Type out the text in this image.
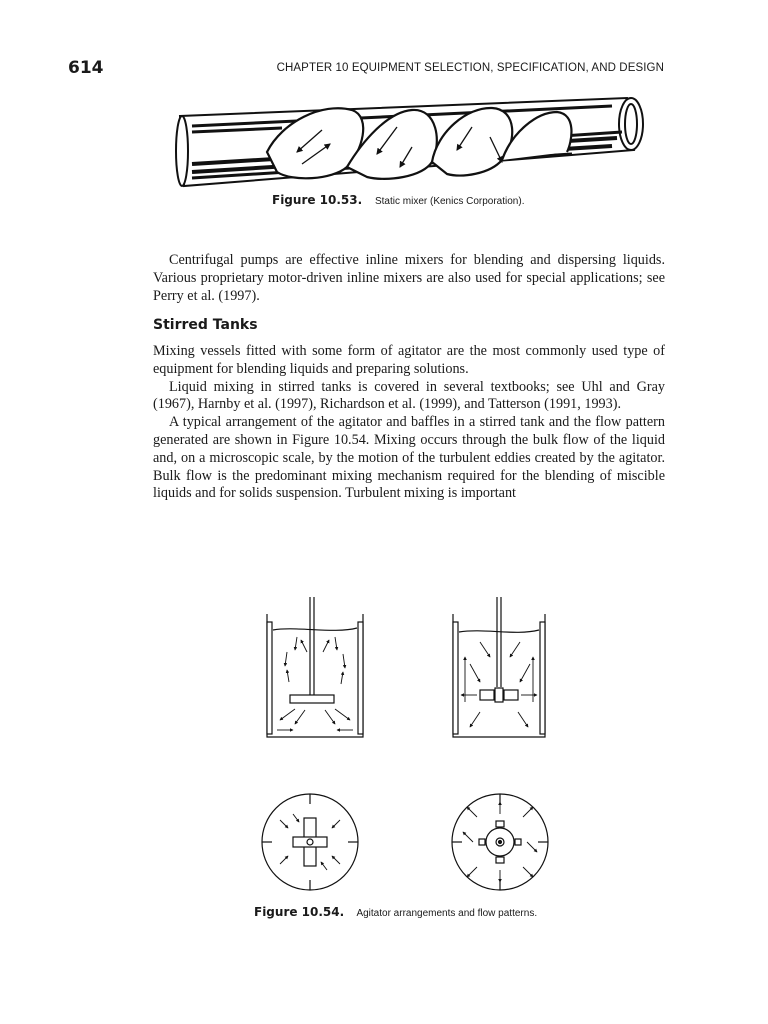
614	CHAPTER 10 EQUIPMENT SELECTION, SPECIFICATION, AND DESIGN
Figure 10.53. Static mixer (Kenics Corporation).

Centrifugal pumps are effective inline mixers for blending and dispersing liquids. Various proprietary motor-driven inline mixers are also used for special applications; see Perry et al. (1997).

Stirred Tanks

Mixing vessels fitted with some form of agitator are the most commonly used type of equipment for blending liquids and preparing solutions.

Liquid mixing in stirred tanks is covered in several textbooks; see Uhl and Gray (1967), Harnby et al. (1997), Richardson et al. (1999), and Tatterson (1991, 1993).

A typical arrangement of the agitator and baffles in a stirred tank and the flow pattern generated are shown in Figure 10.54. Mixing occurs through the bulk flow of the liquid and, on a microscopic scale, by the motion of the turbulent eddies created by the agitator. Bulk flow is the predominant mixing mechanism required for the blending of miscible liquids and for solids suspension. Turbulent mixing is important

Figure 10.54. Agitator arrangements and flow patterns.
